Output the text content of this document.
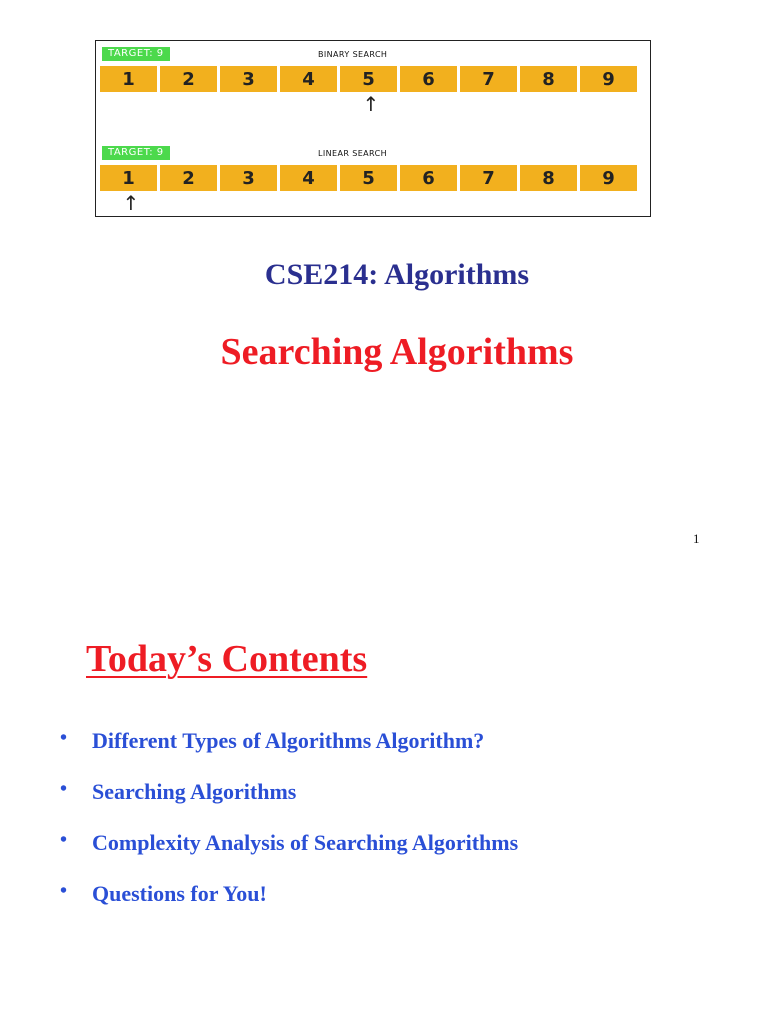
TARGET: 9	BINARY SEARCH
1	2	3	4	5	6	7	8	9
↑
TARGET: 9	LINEAR SEARCH
1	2	3	4	5	6	7	8	9
↑
CSE214: Algorithms
Searching Algorithms
1
Today’s Contents
• Different Types of Algorithms Algorithm?
• Searching Algorithms
• Complexity Analysis of Searching Algorithms
• Questions for You!
